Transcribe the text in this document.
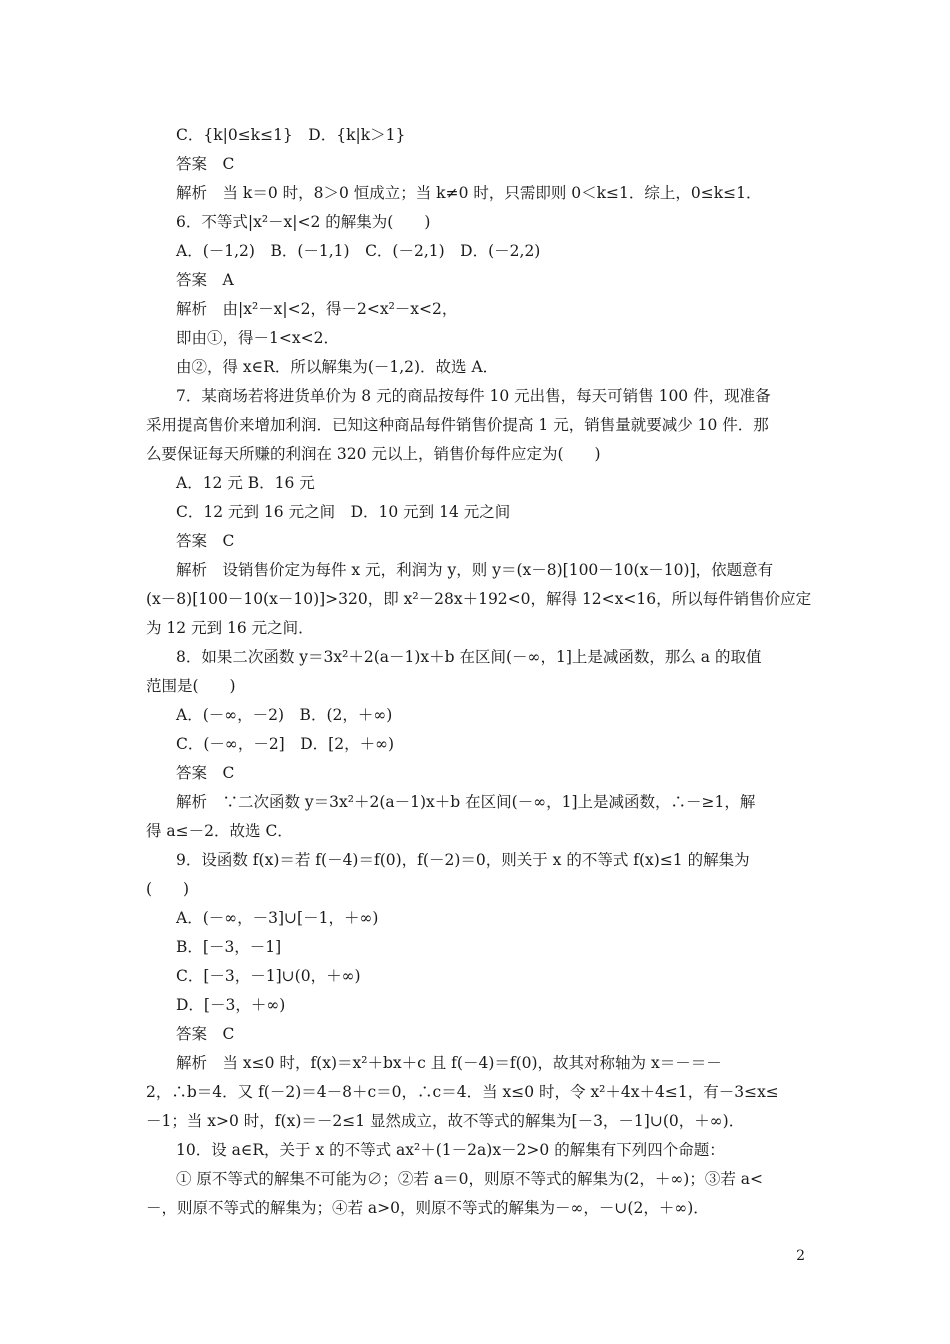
C．{k|0≤k≤1}　D．{k|k＞1}
答案　C
解析　当 k＝0 时，8＞0 恒成立；当 k≠0 时，只需即则 0＜k≤1．综上，0≤k≤1．
6．不等式|x²－x|<2 的解集为(　　)
A．(－1,2)　B．(－1,1)　C．(－2,1)　D．(－2,2)
答案　A
解析　由|x²－x|<2，得－2<x²－x<2，
即由①，得－1<x<2．
由②，得 x∈R．所以解集为(－1,2)．故选 A．
7．某商场若将进货单价为 8 元的商品按每件 10 元出售，每天可销售 100 件，现准备
采用提高售价来增加利润．已知这种商品每件销售价提高 1 元，销售量就要减少 10 件．那
么要保证每天所赚的利润在 320 元以上，销售价每件应定为(　　)
A．12 元 B．16 元
C．12 元到 16 元之间　D．10 元到 14 元之间
答案　C
解析　设销售价定为每件 x 元，利润为 y，则 y＝(x－8)[100－10(x－10)]，依题意有
(x－8)[100－10(x－10)]>320，即 x²－28x＋192<0，解得 12<x<16，所以每件销售价应定
为 12 元到 16 元之间．
8．如果二次函数 y＝3x²＋2(a－1)x＋b 在区间(－∞，1]上是减函数，那么 a 的取值
范围是(　　)
A．(－∞，－2)　B．(2，＋∞)
C．(－∞，－2]　D．[2，＋∞)
答案　C
解析　∵二次函数 y＝3x²＋2(a－1)x＋b 在区间(－∞，1]上是减函数，∴－≥1，解
得 a≤－2．故选 C．
9．设函数 f(x)＝若 f(－4)＝f(0)，f(－2)＝0，则关于 x 的不等式 f(x)≤1 的解集为
(　　)
A．(－∞，－3]∪[－1，＋∞)
B．[－3，－1]
C．[－3，－1]∪(0，＋∞)
D．[－3，＋∞)
答案　C
解析　当 x≤0 时，f(x)＝x²＋bx＋c 且 f(－4)＝f(0)，故其对称轴为 x＝－＝－
2，∴b＝4．又 f(－2)＝4－8＋c＝0，∴c＝4．当 x≤0 时，令 x²＋4x＋4≤1，有－3≤x≤
－1；当 x>0 时，f(x)＝－2≤1 显然成立，故不等式的解集为[－3，－1]∪(0，＋∞)．
10．设 a∈R，关于 x 的不等式 ax²＋(1－2a)x－2>0 的解集有下列四个命题：
① 原不等式的解集不可能为∅；②若 a＝0，则原不等式的解集为(2，＋∞)；③若 a<
－，则原不等式的解集为；④若 a>0，则原不等式的解集为－∞，－∪(2，＋∞)．
2
